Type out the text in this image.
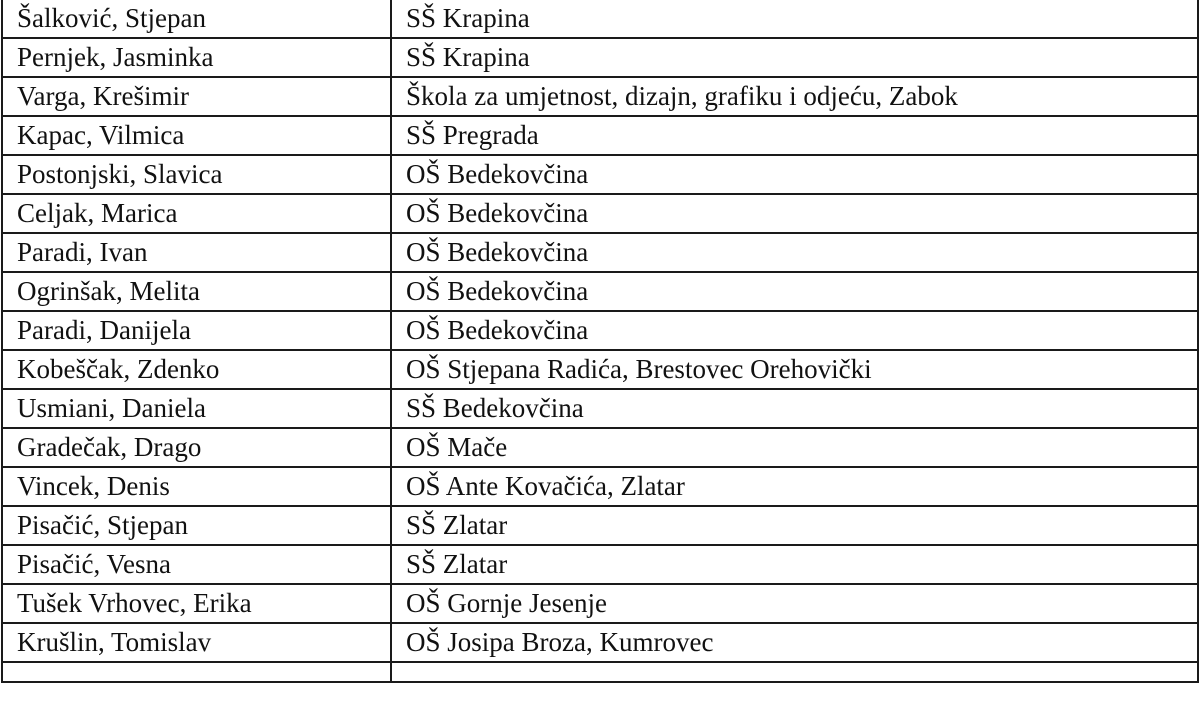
Šalković, Stjepan	SŠ Krapina
Pernjek, Jasminka	SŠ Krapina
Varga, Krešimir	Škola za umjetnost, dizajn, grafiku i odjeću, Zabok
Kapac, Vilmica	SŠ Pregrada
Postonjski, Slavica	OŠ Bedekovčina
Celjak, Marica	OŠ Bedekovčina
Paradi, Ivan	OŠ Bedekovčina
Ogrinšak, Melita	OŠ Bedekovčina
Paradi, Danijela	OŠ Bedekovčina
Kobeščak, Zdenko	OŠ Stjepana Radića, Brestovec Orehovički
Usmiani, Daniela	SŠ Bedekovčina
Gradečak, Drago	OŠ Mače
Vincek, Denis	OŠ Ante Kovačića, Zlatar
Pisačić, Stjepan	SŠ Zlatar
Pisačić, Vesna	SŠ Zlatar
Tušek Vrhovec, Erika	OŠ Gornje Jesenje
Krušlin, Tomislav	OŠ Josipa Broza, Kumrovec
